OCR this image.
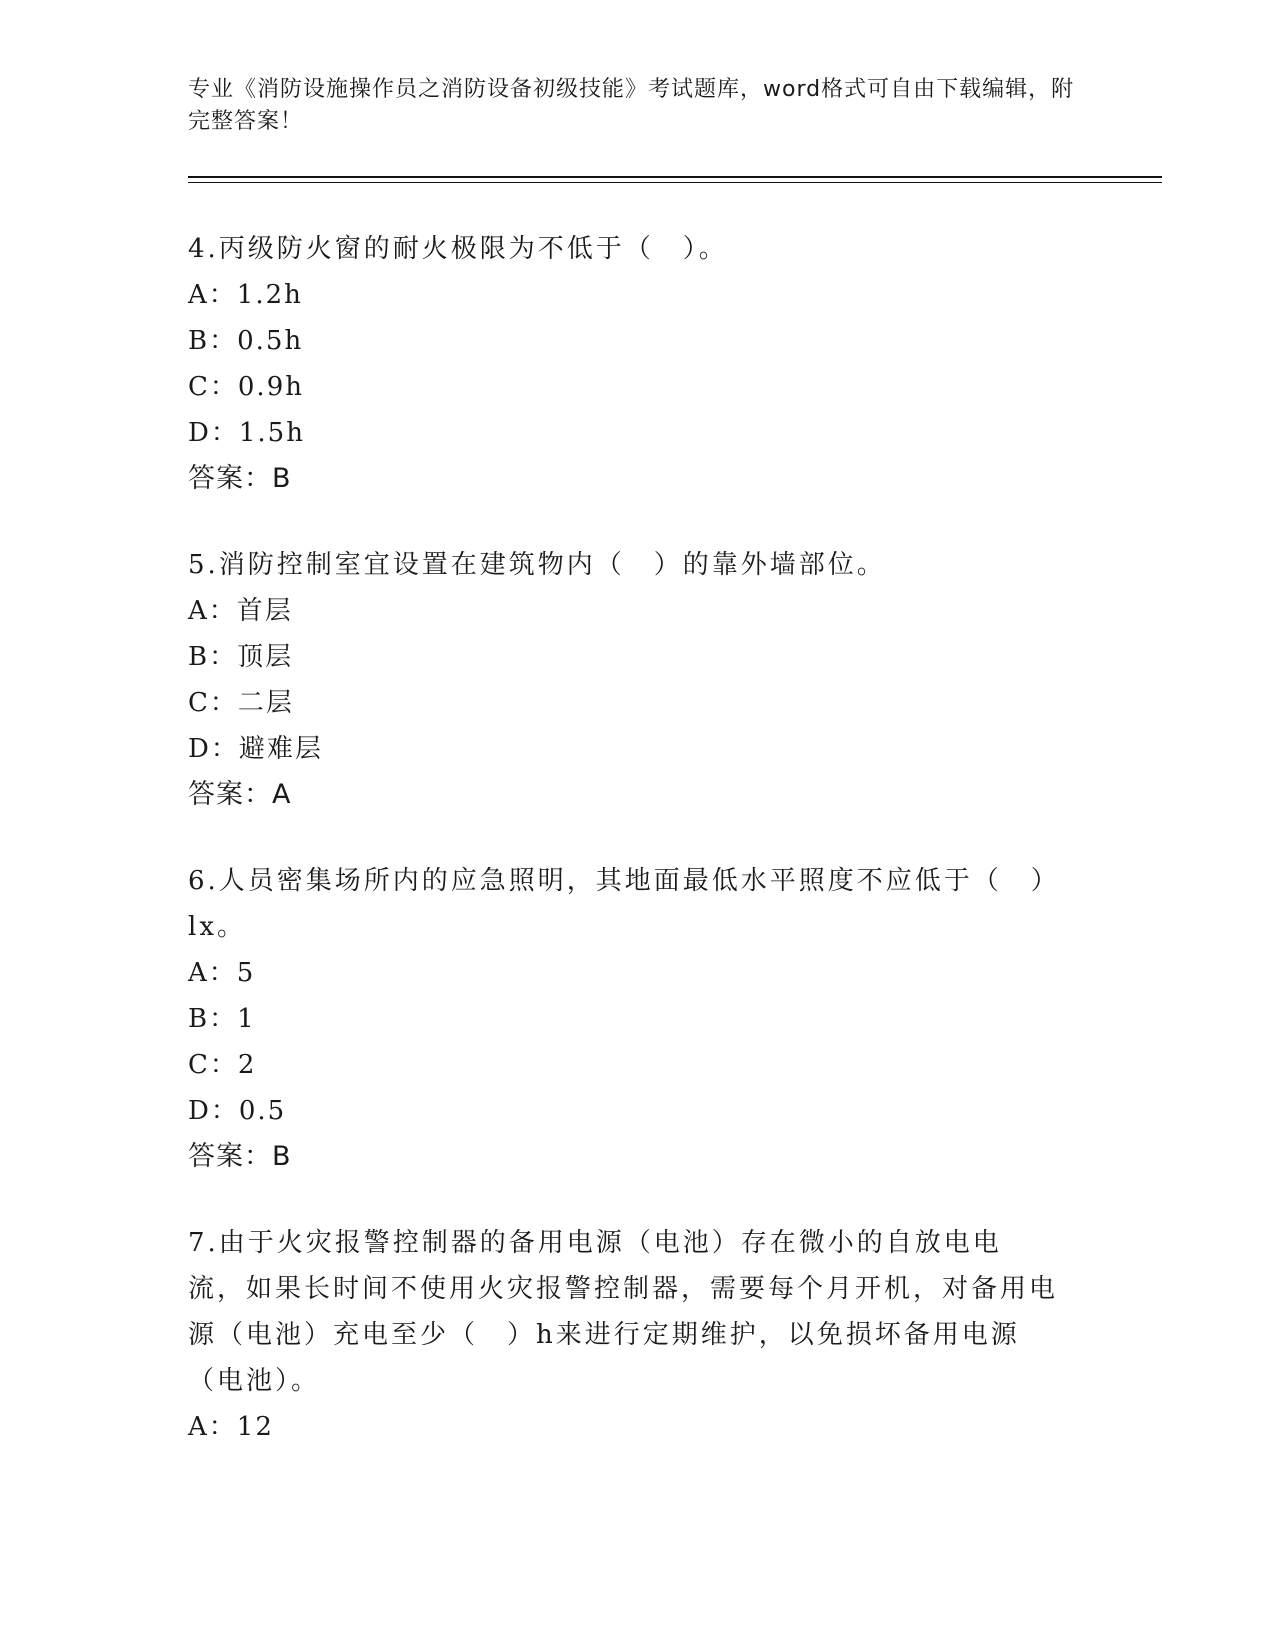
专业《消防设施操作员之消防设备初级技能》考试题库，word格式可自由下载编辑，附完整答案！

4.丙级防火窗的耐火极限为不低于（　）。

A：1.2h

B：0.5h

C：0.9h

D：1.5h

答案：B

5.消防控制室宜设置在建筑物内（　）的靠外墙部位。

A：首层

B：顶层

C：二层

D：避难层

答案：A

6.人员密集场所内的应急照明，其地面最低水平照度不应低于（　）lx。

A：5

B：1

C：2

D：0.5

答案：B

7.由于火灾报警控制器的备用电源（电池）存在微小的自放电电流，如果长时间不使用火灾报警控制器，需要每个月开机，对备用电源（电池）充电至少（　）h来进行定期维护，以免损坏备用电源（电池）。

A：12
